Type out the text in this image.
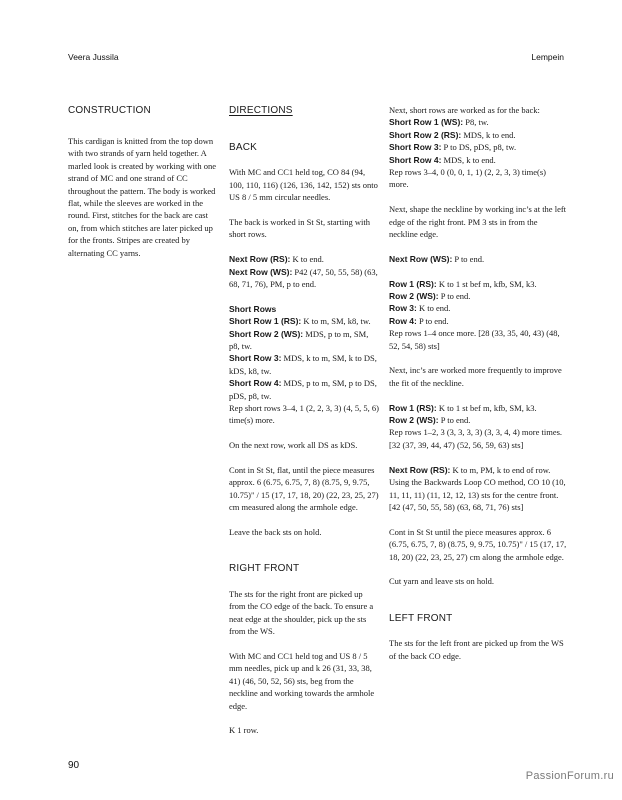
Veera Jussila	Lempein

CONSTRUCTION

This cardigan is knitted from the top down with two strands of yarn held together. A marled look is created by working with one strand of MC and one strand of CC throughout the pattern. The body is worked flat, while the sleeves are worked in the round. First, stitches for the back are cast on, from which stitches are later picked up for the fronts. Stripes are created by alternating CC yarns.

DIRECTIONS

BACK

With MC and CC1 held tog, CO 84 (94, 100, 110, 116) (126, 136, 142, 152) sts onto US 8 / 5 mm circular needles.

The back is worked in St St, starting with short rows.

Next Row (RS): K to end.

Next Row (WS): P42 (47, 50, 55, 58) (63, 68, 71, 76), PM, p to end.

Short Rows

Short Row 1 (RS): K to m, SM, k8, tw.

Short Row 2 (WS): MDS, p to m, SM, p8, tw.

Short Row 3: MDS, k to m, SM, k to DS, kDS, k8, tw.

Short Row 4: MDS, p to m, SM, p to DS, pDS, p8, tw.

Rep short rows 3–4, 1 (2, 2, 3, 3) (4, 5, 5, 6) time(s) more.

On the next row, work all DS as kDS.

Cont in St St, flat, until the piece measures approx. 6 (6.75, 6.75, 7, 8) (8.75, 9, 9.75, 10.75)" / 15 (17, 17, 18, 20) (22, 23, 25, 27) cm measured along the armhole edge.

Leave the back sts on hold.

RIGHT FRONT

The sts for the right front are picked up from the CO edge of the back. To ensure a neat edge at the shoulder, pick up the sts from the WS.

With MC and CC1 held tog and US 8 / 5 mm needles, pick up and k 26 (31, 33, 38, 41) (46, 50, 52, 56) sts, beg from the neckline and working towards the armhole edge.

K 1 row.

Next, short rows are worked as for the back:

Short Row 1 (WS): P8, tw.

Short Row 2 (RS): MDS, k to end.

Short Row 3: P to DS, pDS, p8, tw.

Short Row 4: MDS, k to end.

Rep rows 3–4, 0 (0, 0, 1, 1) (2, 2, 3, 3) time(s) more.

Next, shape the neckline by working inc’s at the left edge of the right front. PM 3 sts in from the neckline edge.

Next Row (WS): P to end.

Row 1 (RS): K to 1 st bef m, kfb, SM, k3.

Row 2 (WS): P to end.

Row 3: K to end.

Row 4: P to end.

Rep rows 1–4 once more. [28 (33, 35, 40, 43) (48, 52, 54, 58) sts]

Next, inc’s are worked more frequently to improve the fit of the neckline.

Row 1 (RS): K to 1 st bef m, kfb, SM, k3.

Row 2 (WS): P to end.

Rep rows 1–2, 3 (3, 3, 3, 3) (3, 3, 4, 4) more times. [32 (37, 39, 44, 47) (52, 56, 59, 63) sts]

Next Row (RS): K to m, PM, k to end of row. Using the Backwards Loop CO method, CO 10 (10, 11, 11, 11) (11, 12, 12, 13) sts for the centre front. [42 (47, 50, 55, 58) (63, 68, 71, 76) sts]

Cont in St St until the piece measures approx. 6 (6.75, 6.75, 7, 8) (8.75, 9, 9.75, 10.75)" / 15 (17, 17, 18, 20) (22, 23, 25, 27) cm along the armhole edge.

Cut yarn and leave sts on hold.

LEFT FRONT

The sts for the left front are picked up from the WS of the back CO edge.

90
PassionForum.ru
